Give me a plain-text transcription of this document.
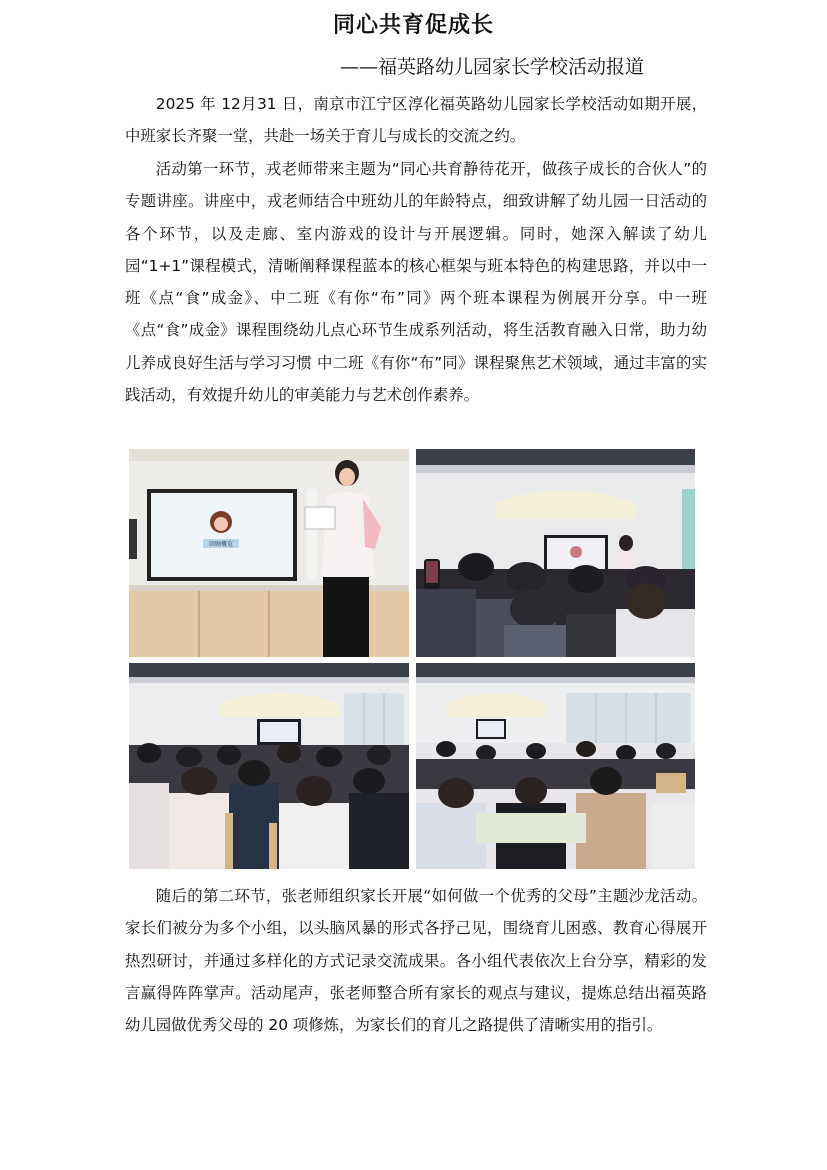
同心共育促成长

——福英路幼儿园家长学校活动报道

2025 年 12月31 日，南京市江宁区淳化福英路幼儿园家长学校活动如期开展，中班家长齐聚一堂，共赴一场关于育儿与成长的交流之约。

活动第一环节，戎老师带来主题为“同心共育静待花开，做孩子成长的合伙人”的专题讲座。讲座中，戎老师结合中班幼儿的年龄特点，细致讲解了幼儿园一日活动的各个环节，以及走廊、室内游戏的设计与开展逻辑。同时，她深入解读了幼儿园“1+1”课程模式，清晰阐释课程蓝本的核心框架与班本特色的构建思路，并以中一班《点“食”成金》、中二班《有你“布”同》两个班本课程为例展开分享。中一班《点“食”成金》课程围绕幼儿点心环节生成系列活动，将生活教育融入日常，助力幼儿养成良好生活与学习习惯 中二班《有你“布”同》课程聚焦艺术领域，通过丰富的实践活动，有效提升幼儿的审美能力与艺术创作素养。

回顾概览

随后的第二环节，张老师组织家长开展“如何做一个优秀的父母”主题沙龙活动。家长们被分为多个小组，以头脑风暴的形式各抒己见，围绕育儿困惑、教育心得展开热烈研讨，并通过多样化的方式记录交流成果。各小组代表依次上台分享，精彩的发言赢得阵阵掌声。活动尾声，张老师整合所有家长的观点与建议，提炼总结出福英路幼儿园做优秀父母的 20 项修炼，为家长们的育儿之路提供了清晰实用的指引。
